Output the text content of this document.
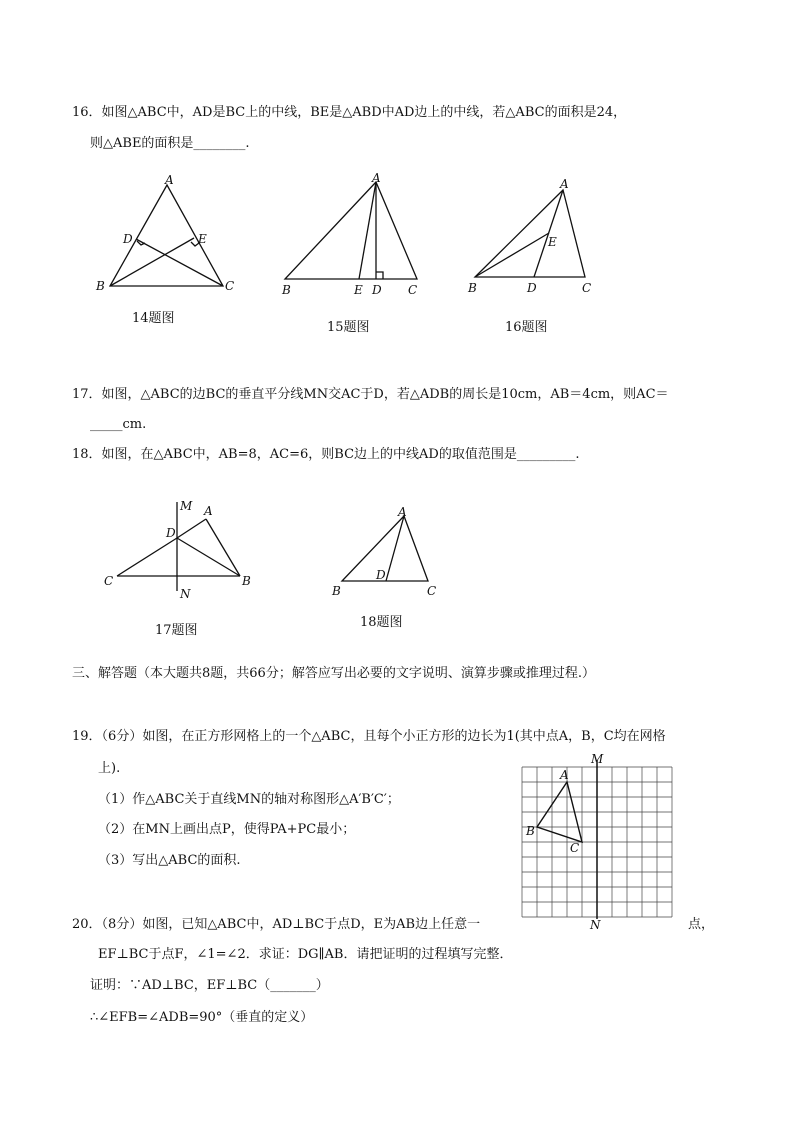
16．如图△ABC中，AD是BC上的中线，BE是△ABD中AD边上的中线，若△ABC的面积是24，
则△ABE的面积是________.
A
B	C
D	E
14题图
A
B	E D C
15题图
A
E
B	D	C
16题图
17．如图，△ABC的边BC的垂直平分线MN交AC于D，若△ADB的周长是10cm，AB＝4cm，则AC＝
_____cm.
18．如图，在△ABC中，AB=8，AC=6，则BC边上的中线AD的取值范围是_________.
M A
D
C	B
N
17题图
A
D
B	C
18题图
三、解答题（本大题共8题，共66分；解答应写出必要的文字说明、演算步骤或推理过程.）
19．（6分）如图，在正方形网格上的一个△ABC，且每个小正方形的边长为1(其中点A，B，C均在网格
上).
（1）作△ABC关于直线MN的轴对称图形△A′B′C′；
（2）在MN上画出点P，使得PA+PC最小；
（3）写出△ABC的面积.
A
B
C
M
N
20．（8分）如图，已知△ABC中，AD⊥BC于点D，E为AB边上任意一	点，
EF⊥BC于点F，∠1=∠2．求证：DG∥AB．请把证明的过程填写完整．
证明：∵AD⊥BC，EF⊥BC（_______）
∴∠EFB=∠ADB=90°（垂直的定义）
